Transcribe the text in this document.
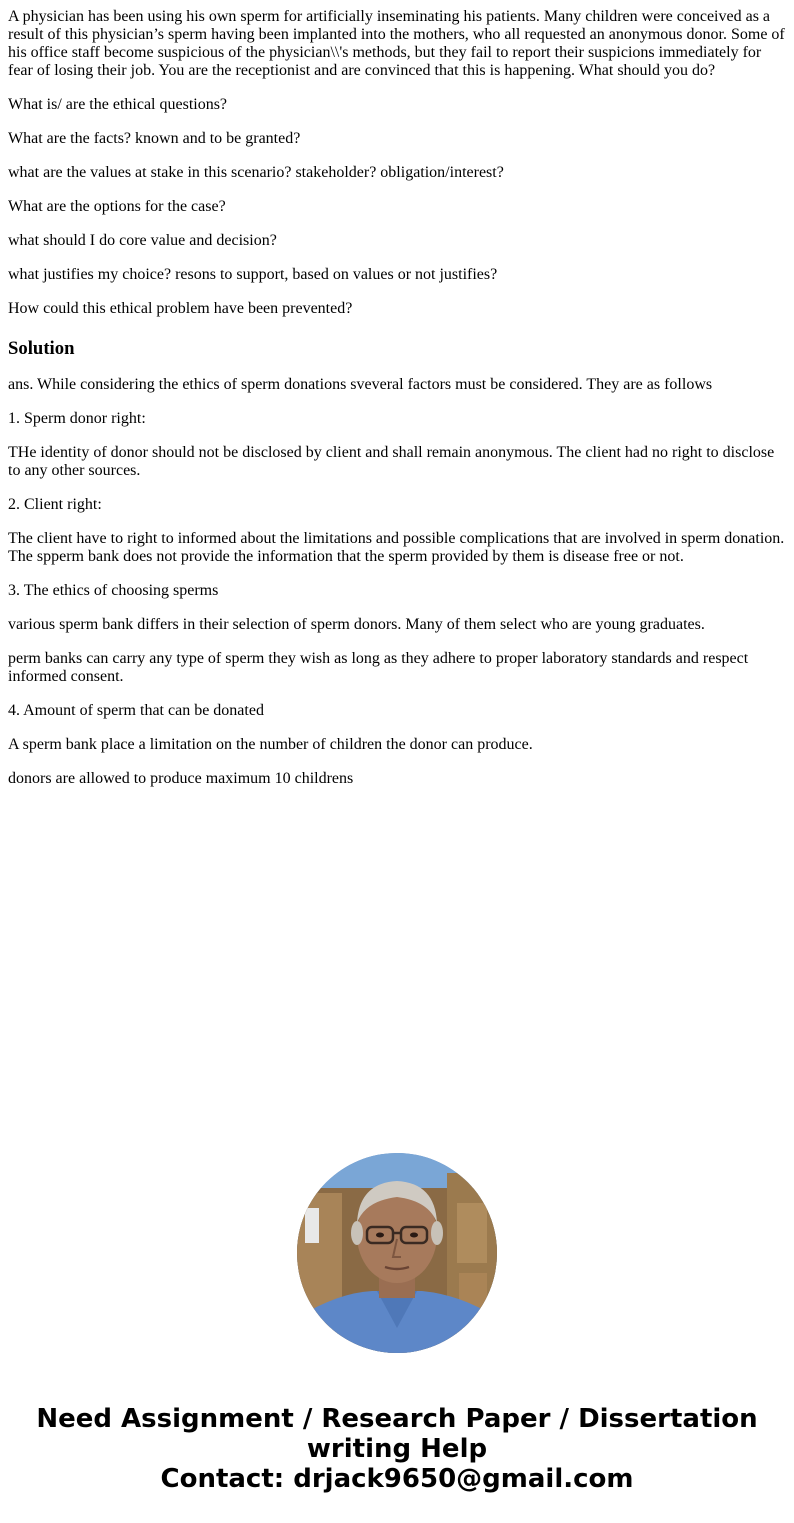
A physician has been using his own sperm for artificially inseminating his patients. Many children were conceived as a result of this physician’s sperm having been implanted into the mothers, who all requested an anonymous donor. Some of his office staff become suspicious of the physician\\'s methods, but they fail to report their suspicions immediately for fear of losing their job. You are the receptionist and are convinced that this is happening. What should you do?

What is/ are the ethical questions?

What are the facts? known and to be granted?

what are the values at stake in this scenario? stakeholder? obligation/interest?

What are the options for the case?

what should I do core value and decision?

what justifies my choice? resons to support, based on values or not justifies?

How could this ethical problem have been prevented?

Solution

ans. While considering the ethics of sperm donations sveveral factors must be considered. They are as follows

1. Sperm donor right:

THe identity of donor should not be disclosed by client and shall remain anonymous. The client had no right to disclose to any other sources.

2. Client right:

The client have to right to informed about the limitations and possible complications that are involved in sperm donation. The spperm bank does not provide the information that the sperm provided by them is disease free or not.

3. The ethics of choosing sperms

various sperm bank differs in their selection of sperm donors. Many of them select who are young graduates.

perm banks can carry any type of sperm they wish as long as they adhere to proper laboratory standards and respect informed consent.

4. Amount of sperm that can be donated

A sperm bank place a limitation on the number of children the donor can produce.

donors are allowed to produce maximum 10 childrens

Need Assignment / Research Paper / Dissertation
writing Help
Contact: drjack9650@gmail.com
